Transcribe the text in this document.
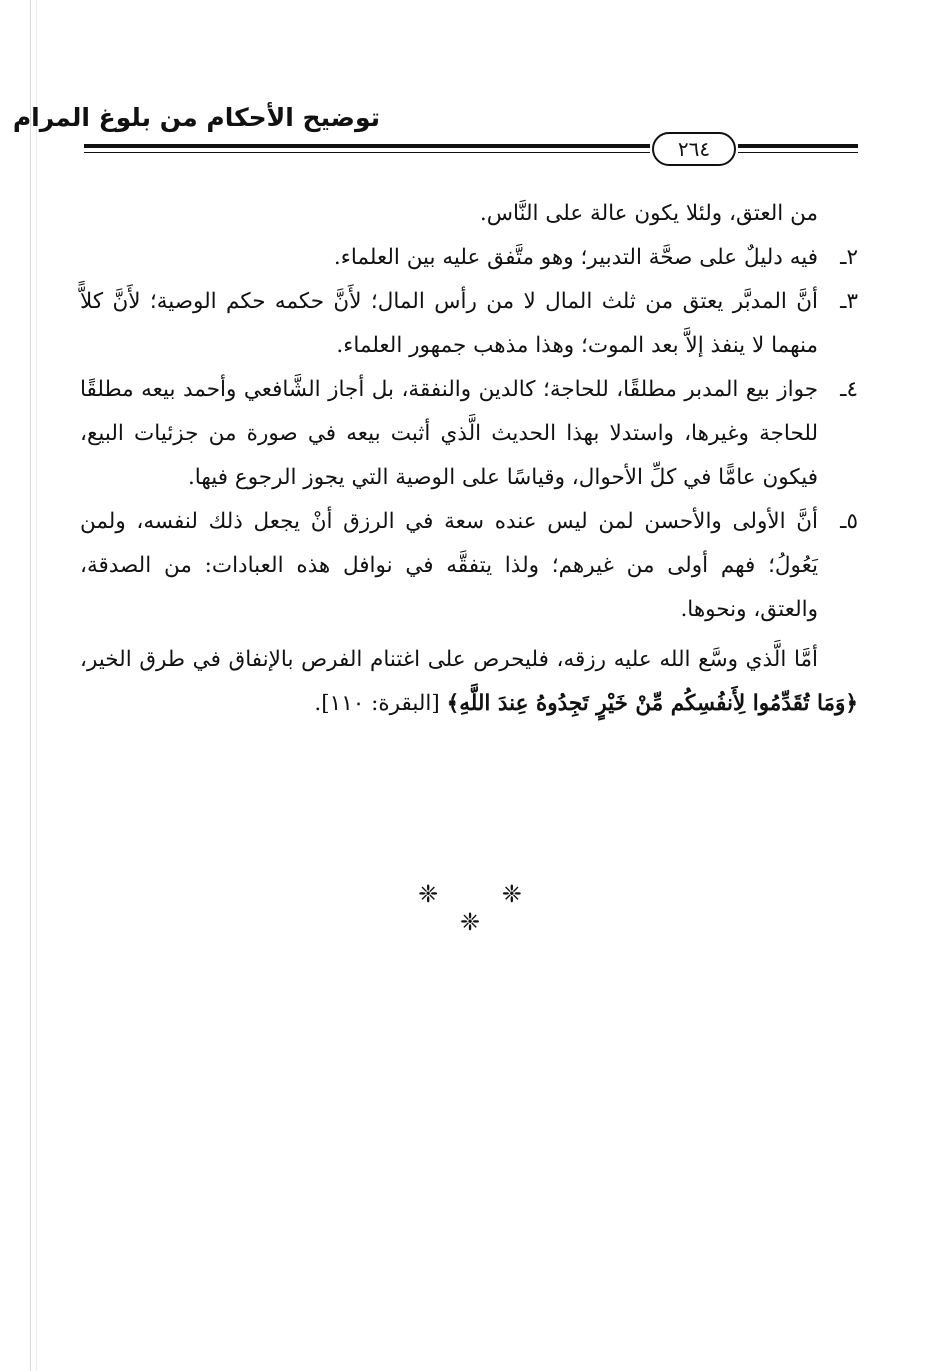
توضيح الأحكام من بلوغ المرام
٢٦٤

من العتق، ولئلا يكون عالة على النَّاس.

٢ـ
فيه دليلٌ على صحَّة التدبير؛ وهو متَّفق عليه بين العلماء.
٣ـ
أنَّ المدبَّر يعتق من ثلث المال لا من رأس المال؛ لأَنَّ حكمه حكم الوصية؛ لأَنَّ كلاًّ منهما لا ينفذ إلاَّ بعد الموت؛ وهذا مذهب جمهور العلماء.
٤ـ
جواز بيع المدبر مطلقًا، للحاجة؛ كالدين والنفقة، بل أجاز الشَّافعي وأحمد بيعه مطلقًا للحاجة وغيرها، واستدلا بهذا الحديث الَّذي أثبت بيعه في صورة من جزئيات البيع، فيكون عامًّا في كلِّ الأحوال، وقياسًا على الوصية التي يجوز الرجوع فيها.
٥ـ
أنَّ الأولى والأحسن لمن ليس عنده سعة في الرزق أنْ يجعل ذلك لنفسه، ولمن يَعُولُ؛ فهم أولى من غيرهم؛ ولذا يتفقَّه في نوافل هذه العبادات: من الصدقة، والعتق، ونحوها.

أمَّا الَّذي وسَّع الله عليه رزقه، فليحرص على اغتنام الفرص بالإنفاق في طرق الخير، ﴿وَمَا تُقَدِّمُوا لِأَنفُسِكُم مِّنْ خَيْرٍ تَجِدُوهُ عِندَ اللَّهِ﴾ [البقرة: ١١٠].

❈ ❈ ❈
